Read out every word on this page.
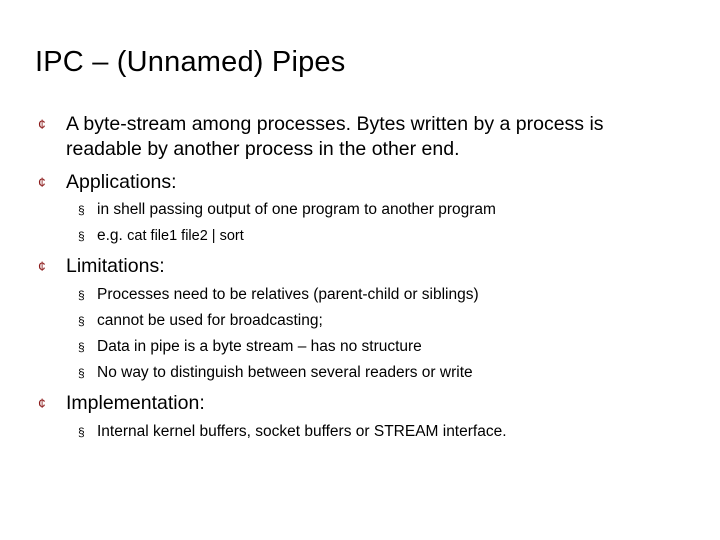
IPC – (Unnamed) Pipes
¢ A byte-stream among processes. Bytes written by a process is readable by another process in the other end.
¢ Applications:
§ in shell passing output of one program to another program
§ e.g. cat file1 file2 | sort
¢ Limitations:
§ Processes need to be relatives (parent-child or siblings)
§ cannot be used for broadcasting;
§ Data in pipe is a byte stream – has no structure
§ No way to distinguish between several readers or write
¢ Implementation:
§ Internal kernel buffers, socket buffers or STREAM interface.
